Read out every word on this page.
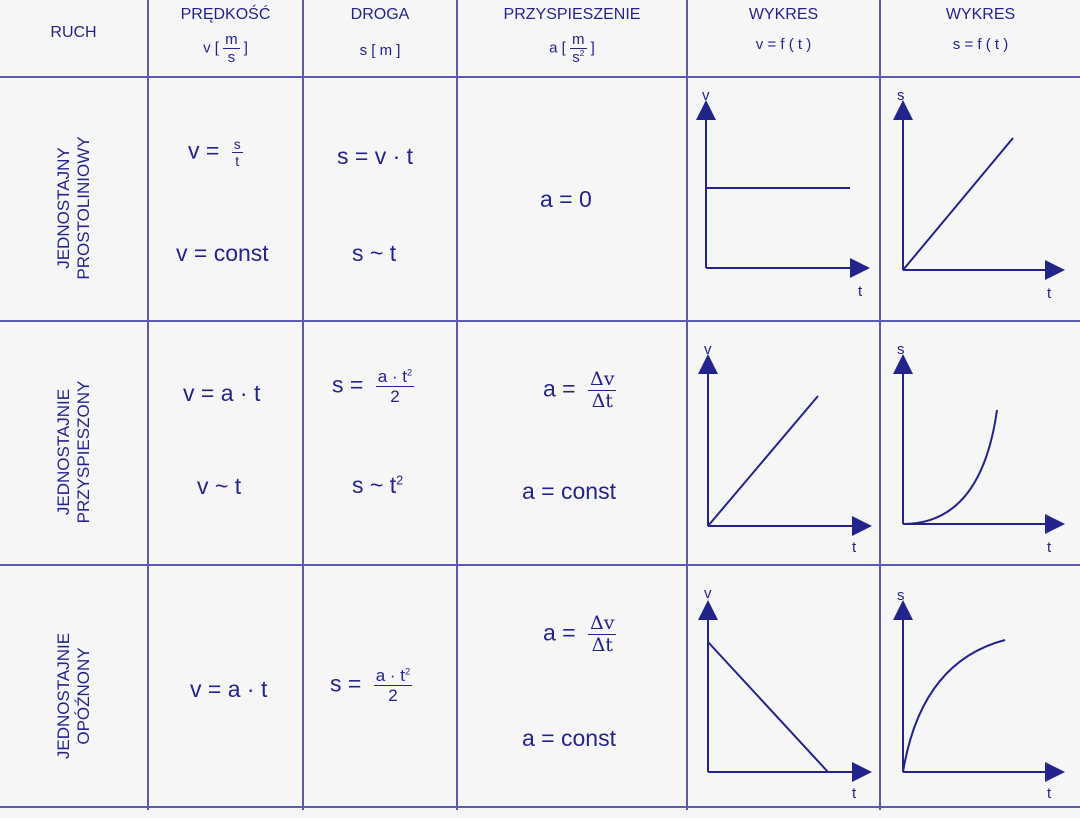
RUCH
PRĘDKOŚĆ
v [ $\frac{m}{s}$ ]
DROGA
s [ m ]
PRZYSPIESZENIE
a [ $\frac{m}{s^2}$ ]
WYKRES
v = f ( t )
WYKRES
s = f ( t )
JEDNOSTAJNY PROSTOLINIOWY
JEDNOSTAJNIE PRZYSPIESZONY
JEDNOSTAJNIE OPÓŹNONY
$v = \frac{s}{t}$
v = const
s = v · t
s ~ t
a = 0
v = a · t
v ~ t
$s = \frac{a \cdot t^2}{2}$
s ~ $t^2$
$a = \frac{\Delta v}{\Delta t}$
a = const
v = a · t	$s = \frac{a \cdot t^2}{2}$
$a = \frac{\Delta v}{\Delta t}$
a = const
v
t
s
t
v
t
s
t
v
t
s
t
